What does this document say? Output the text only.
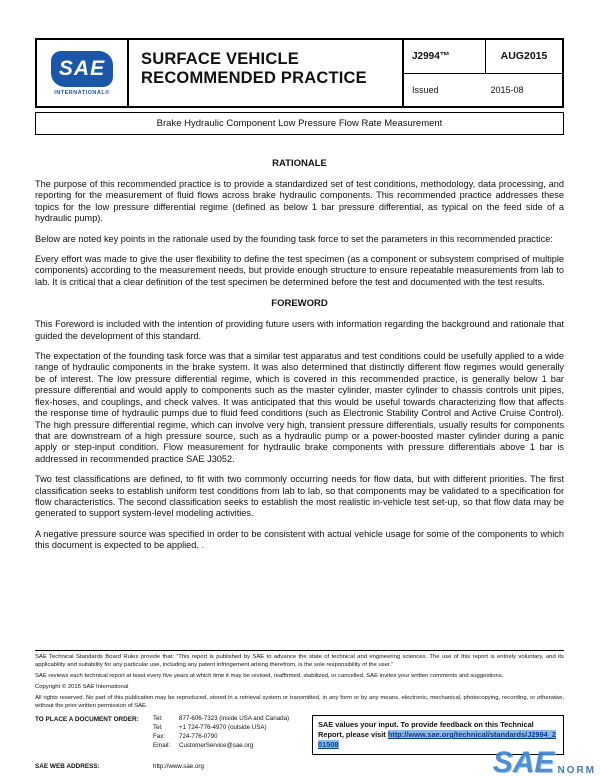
SAE
INTERNATIONAL®
SURFACE VEHICLE
RECOMMENDED PRACTICE
J2994™	AUG2015
Issued	2015-08
Brake Hydraulic Component Low Pressure Flow Rate Measurement
RATIONALE

The purpose of this recommended practice is to provide a standardized set of test conditions, methodology, data processing, and reporting for the measurement of fluid flows across brake hydraulic components. This recommended practice addresses these topics for the low pressure differential regime (defined as below 1 bar pressure differential, as typical on the feed side of a hydraulic pump).

Below are noted key points in the rationale used by the founding task force to set the parameters in this recommended practice:

Every effort was made to give the user flexibility to define the test specimen (as a component or subsystem comprised of multiple components) according to the measurement needs, but provide enough structure to ensure repeatable measurements from lab to lab. It is critical that a clear definition of the test specimen be determined before the test and documented with the test results.

FOREWORD

This Foreword is included with the intention of providing future users with information regarding the background and rationale that guided the development of this standard.

The expectation of the founding task force was that a similar test apparatus and test conditions could be usefully applied to a wide range of hydraulic components in the brake system. It was also determined that distinctly different flow regimes would generally be of interest. The low pressure differential regime, which is covered in this recommended practice, is generally below 1 bar pressure differential and would apply to components such as the master cylinder, master cylinder to chassis controls unit pipes, flex-hoses, and couplings, and check valves. It was anticipated that this would be useful towards characterizing flow that affects the response time of hydraulic pumps due to fluid feed conditions (such as Electronic Stability Control and Active Cruise Control). The high pressure differential regime, which can involve very high, transient pressure differentials, usually results for components that are downstream of a high pressure source, such as a hydraulic pump or a power-boosted master cylinder during a panic apply or step-input condition. Flow measurement for hydraulic brake components with pressure differentials above 1 bar is addressed in recommended practice SAE J3052.

Two test classifications are defined, to fit with two commonly occurring needs for flow data, but with different priorities. The first classification seeks to establish uniform test conditions from lab to lab, so that components may be validated to a specification for flow characteristics. The second classification seeks to establish the most realistic in-vehicle test set-up, so that flow data may be generated to support system-level modeling activities.

A negative pressure source was specified in order to be consistent with actual vehicle usage for some of the components to which this document is expected to be applied. .

SAE Technical Standards Board Rules provide that: “This report is published by SAE to advance the state of technical and engineering sciences. The use of this report is entirely voluntary, and its applicability and suitability for any particular use, including any patent infringement arising therefrom, is the sole responsibility of the user.”

SAE reviews each technical report at least every five years at which time it may be revised, reaffirmed, stabilized, or cancelled. SAE invites your written comments and suggestions.

Copyright © 2015 SAE International

All rights reserved. No part of this publication may be reproduced, stored in a retrieval system or transmitted, in any form or by any means, electronic, mechanical, photocopying, recording, or otherwise, without the prior written permission of SAE.

TO PLACE A DOCUMENT ORDER:	Tel:	877-606-7323 (inside USA and Canada)
Tel:	+1 724-776-4970 (outside USA)
Fax:	724-776-0790
Email:	CustomerService@sae.org
SAE WEB ADDRESS:	http://www.sae.org
SAE values your input. To provide feedback on this Technical Report, please visit http://www.sae.org/technical/standards/J2994_201508
SAE NORM
